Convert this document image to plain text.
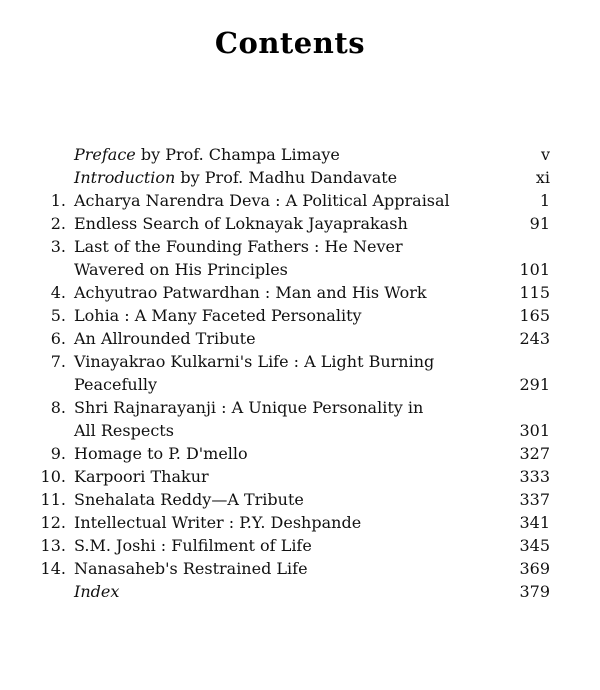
Contents
Preface by Prof. Champa Limaye	v
Introduction by Prof. Madhu Dandavate	xi
1. Acharya Narendra Deva : A Political Appraisal	1
2. Endless Search of Loknayak Jayaprakash	91
3. Last of the Founding Fathers : He Never
Wavered on His Principles	101
4. Achyutrao Patwardhan : Man and His Work	115
5. Lohia : A Many Faceted Personality	165
6. An Allrounded Tribute	243
7. Vinayakrao Kulkarni's Life : A Light Burning
Peacefully	291
8. Shri Rajnarayanji : A Unique Personality in
All Respects	301
9. Homage to P. D'mello	327
10. Karpoori Thakur	333
11. Snehalata Reddy—A Tribute	337
12. Intellectual Writer : P.Y. Deshpande	341
13. S.M. Joshi : Fulfilment of Life	345
14. Nanasaheb's Restrained Life	369
Index	379
